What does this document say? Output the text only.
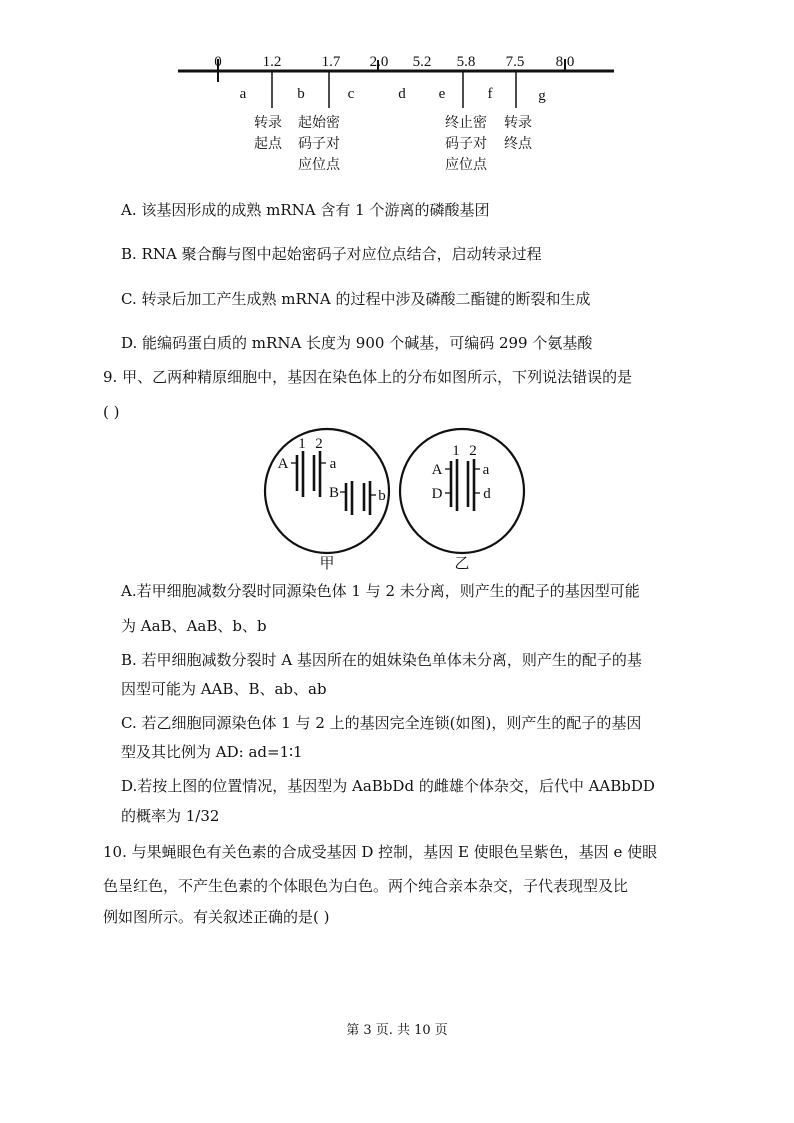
0	1.2	1.7 2.0 5.2 5.8 7.5 8.0
a	b	c	d e	f	g
转录
起点
起始密
码子对
应位点
终止密
码子对
应位点
转录
终点
A. 该基因形成的成熟 mRNA 含有 1 个游离的磷酸基团
B. RNA 聚合酶与图中起始密码子对应位点结合，启动转录过程
C. 转录后加工产生成熟 mRNA 的过程中涉及磷酸二酯键的断裂和生成
D. 能编码蛋白质的 mRNA 长度为 900 个碱基，可编码 299 个氨基酸
9. 甲、乙两种精原细胞中，基因在染色体上的分布如图所示，下列说法错误的是
( )
1 2
A	a
B	b
甲
1 2
A	a
D	d
乙
A.若甲细胞减数分裂时同源染色体 1 与 2 未分离，则产生的配子的基因型可能
为 AaB、AaB、b、b
B. 若甲细胞减数分裂时 A 基因所在的姐妹染色单体未分离，则产生的配子的基
因型可能为 AAB、B、ab、ab
C. 若乙细胞同源染色体 1 与 2 上的基因完全连锁(如图)，则产生的配子的基因
型及其比例为 AD: ad=1∶1
D.若按上图的位置情况，基因型为 AaBbDd 的雌雄个体杂交，后代中 AABbDD
的概率为 1/32
10. 与果蝇眼色有关色素的合成受基因 D 控制，基因 E 使眼色呈紫色，基因 e 使眼
色呈红色，不产生色素的个体眼色为白色。两个纯合亲本杂交，子代表现型及比
例如图所示。有关叙述正确的是( )
第 3 页. 共 10 页
